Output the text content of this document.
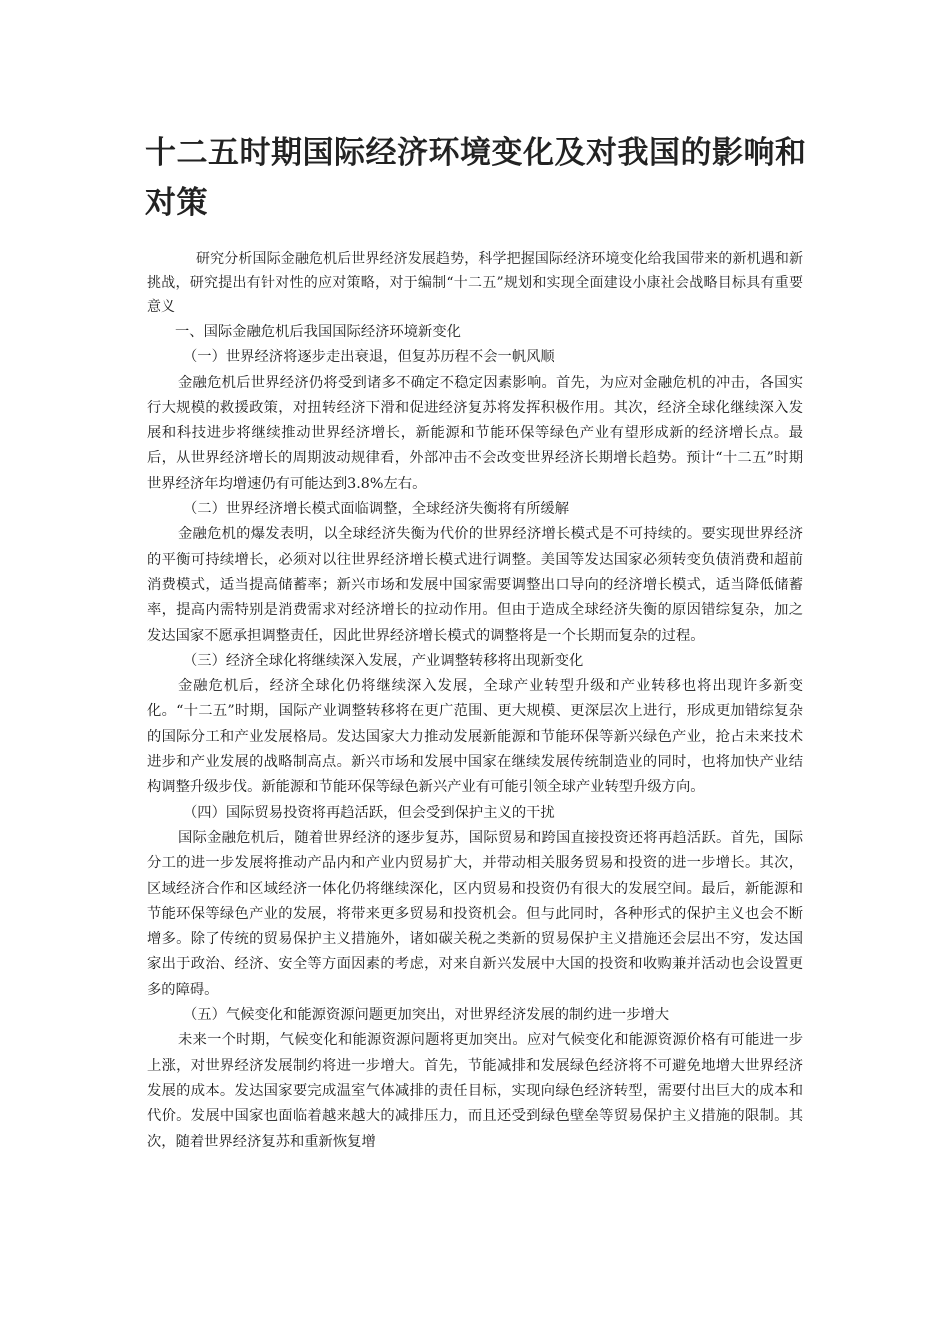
十二五时期国际经济环境变化及对我国的影响和对策

研究分析国际金融危机后世界经济发展趋势，科学把握国际经济环境变化给我国带来的新机遇和新挑战，研究提出有针对性的应对策略，对于编制“十二五”规划和实现全面建设小康社会战略目标具有重要意义

一、国际金融危机后我国国际经济环境新变化

（一）世界经济将逐步走出衰退，但复苏历程不会一帆风顺

金融危机后世界经济仍将受到诸多不确定不稳定因素影响。首先，为应对金融危机的冲击，各国实行大规模的救援政策，对扭转经济下滑和促进经济复苏将发挥积极作用。其次，经济全球化继续深入发展和科技进步将继续推动世界经济增长，新能源和节能环保等绿色产业有望形成新的经济增长点。最后，从世界经济增长的周期波动规律看，外部冲击不会改变世界经济长期增长趋势。预计“十二五”时期世界经济年均增速仍有可能达到3.8%左右。

（二）世界经济增长模式面临调整，全球经济失衡将有所缓解

金融危机的爆发表明，以全球经济失衡为代价的世界经济增长模式是不可持续的。要实现世界经济的平衡可持续增长，必须对以往世界经济增长模式进行调整。美国等发达国家必须转变负债消费和超前消费模式，适当提高储蓄率；新兴市场和发展中国家需要调整出口导向的经济增长模式，适当降低储蓄率，提高内需特别是消费需求对经济增长的拉动作用。但由于造成全球经济失衡的原因错综复杂，加之发达国家不愿承担调整责任，因此世界经济增长模式的调整将是一个长期而复杂的过程。

（三）经济全球化将继续深入发展，产业调整转移将出现新变化

金融危机后，经济全球化仍将继续深入发展，全球产业转型升级和产业转移也将出现许多新变化。“十二五”时期，国际产业调整转移将在更广范围、更大规模、更深层次上进行，形成更加错综复杂的国际分工和产业发展格局。发达国家大力推动发展新能源和节能环保等新兴绿色产业，抢占未来技术进步和产业发展的战略制高点。新兴市场和发展中国家在继续发展传统制造业的同时，也将加快产业结构调整升级步伐。新能源和节能环保等绿色新兴产业有可能引领全球产业转型升级方向。

（四）国际贸易投资将再趋活跃，但会受到保护主义的干扰

国际金融危机后，随着世界经济的逐步复苏，国际贸易和跨国直接投资还将再趋活跃。首先，国际分工的进一步发展将推动产品内和产业内贸易扩大，并带动相关服务贸易和投资的进一步增长。其次，区域经济合作和区域经济一体化仍将继续深化，区内贸易和投资仍有很大的发展空间。最后，新能源和节能环保等绿色产业的发展，将带来更多贸易和投资机会。但与此同时，各种形式的保护主义也会不断增多。除了传统的贸易保护主义措施外，诸如碳关税之类新的贸易保护主义措施还会层出不穷，发达国家出于政治、经济、安全等方面因素的考虑，对来自新兴发展中大国的投资和收购兼并活动也会设置更多的障碍。

（五）气候变化和能源资源问题更加突出，对世界经济发展的制约进一步增大

未来一个时期，气候变化和能源资源问题将更加突出。应对气候变化和能源资源价格有可能进一步上涨，对世界经济发展制约将进一步增大。首先，节能减排和发展绿色经济将不可避免地增大世界经济发展的成本。发达国家要完成温室气体减排的责任目标，实现向绿色经济转型，需要付出巨大的成本和代价。发展中国家也面临着越来越大的减排压力，而且还受到绿色壁垒等贸易保护主义措施的限制。其次，随着世界经济复苏和重新恢复增
